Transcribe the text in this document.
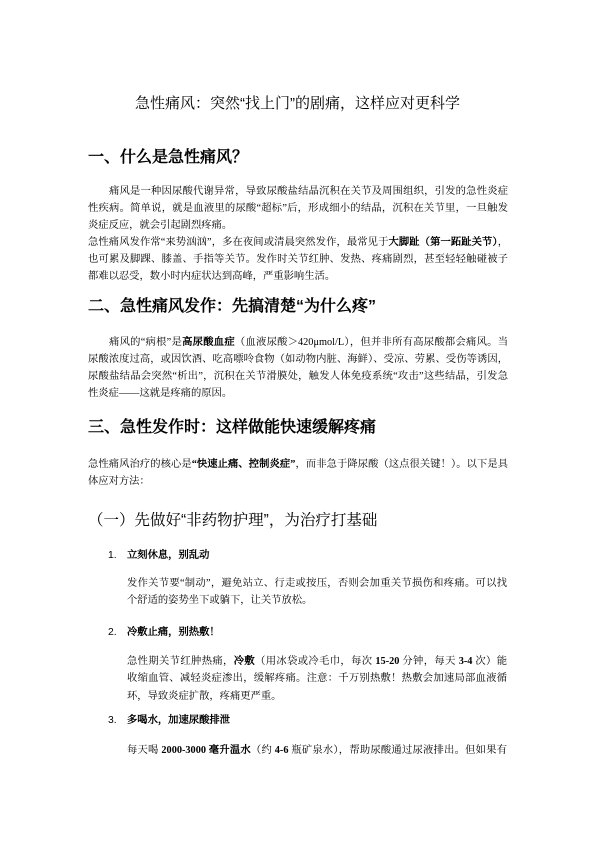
急性痛风：突然“找上门”的剧痛，这样应对更科学
一、什么是急性痛风？
痛风是一种因尿酸代谢异常，导致尿酸盐结晶沉积在关节及周围组织，引发的急性炎症
性疾病。简单说，就是血液里的尿酸“超标”后，形成细小的结晶，沉积在关节里，一旦触发
炎症反应，就会引起剧烈疼痛。
急性痛风发作常“来势汹汹”，多在夜间或清晨突然发作，最常见于大脚趾（第一跖趾关节），
也可累及脚踝、膝盖、手指等关节。发作时关节红肿、发热、疼痛剧烈，甚至轻轻触碰被子
都难以忍受，数小时内症状达到高峰，严重影响生活。
二、急性痛风发作：先搞清楚“为什么疼”
痛风的“病根”是高尿酸血症（血液尿酸＞420μmol/L），但并非所有高尿酸都会痛风。当
尿酸浓度过高，或因饮酒、吃高嘌呤食物（如动物内脏、海鲜）、受凉、劳累、受伤等诱因，
尿酸盐结晶会突然“析出”，沉积在关节滑膜处，触发人体免疫系统“攻击”这些结晶，引发急
性炎症——这就是疼痛的原因。
三、急性发作时：这样做能快速缓解疼痛
急性痛风治疗的核心是“快速止痛、控制炎症”，而非急于降尿酸（这点很关键！）。以下是具
体应对方法：
（一）先做好“非药物护理”，为治疗打基础
1. 立刻休息，别乱动
发作关节要“制动”，避免站立、行走或按压，否则会加重关节损伤和疼痛。可以找
个舒适的姿势坐下或躺下，让关节放松。
2. 冷敷止痛，别热敷！
急性期关节红肿热痛，冷敷（用冰袋或冷毛巾，每次 15-20 分钟，每天 3-4 次）能
收缩血管、减轻炎症渗出，缓解疼痛。注意：千万别热敷！热敷会加速局部血液循
环，导致炎症扩散，疼痛更严重。
3. 多喝水，加速尿酸排泄
每天喝 2000-3000 毫升温水（约 4-6 瓶矿泉水），帮助尿酸通过尿液排出。但如果有
